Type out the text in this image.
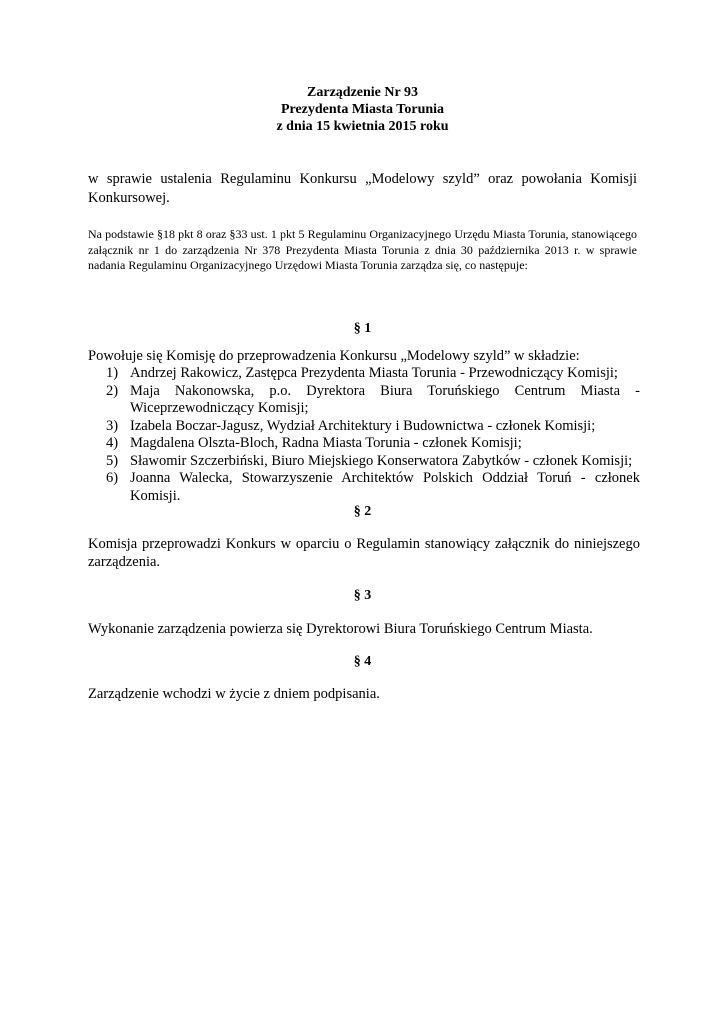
Zarządzenie Nr 93
Prezydenta Miasta Torunia
z dnia 15 kwietnia 2015 roku
w sprawie ustalenia Regulaminu Konkursu „Modelowy szyld” oraz powołania Komisji Konkursowej.
Na podstawie §18 pkt 8 oraz §33 ust. 1 pkt 5 Regulaminu Organizacyjnego Urzędu Miasta Torunia, stanowiącego załącznik nr 1 do zarządzenia Nr 378 Prezydenta Miasta Torunia z dnia 30 października 2013 r. w sprawie nadania Regulaminu Organizacyjnego Urzędowi Miasta Torunia zarządza się, co następuje:
§ 1
Powołuje się Komisję do przeprowadzenia Konkursu „Modelowy szyld” w składzie:
1) Andrzej Rakowicz, Zastępca Prezydenta Miasta Torunia - Przewodniczący Komisji;
2) Maja Nakonowska, p.o. Dyrektora Biura Toruńskiego Centrum Miasta - Wiceprzewodniczący Komisji;
3) Izabela Boczar-Jagusz, Wydział Architektury i Budownictwa - członek Komisji;
4) Magdalena Olszta-Bloch, Radna Miasta Torunia - członek Komisji;
5) Sławomir Szczerbiński, Biuro Miejskiego Konserwatora Zabytków - członek Komisji;
6) Joanna Walecka, Stowarzyszenie Architektów Polskich Oddział Toruń - członek Komisji.
§ 2
Komisja przeprowadzi Konkurs w oparciu o Regulamin stanowiący załącznik do niniejszego zarządzenia.
§ 3
Wykonanie zarządzenia powierza się Dyrektorowi Biura Toruńskiego Centrum Miasta.
§ 4
Zarządzenie wchodzi w życie z dniem podpisania.
